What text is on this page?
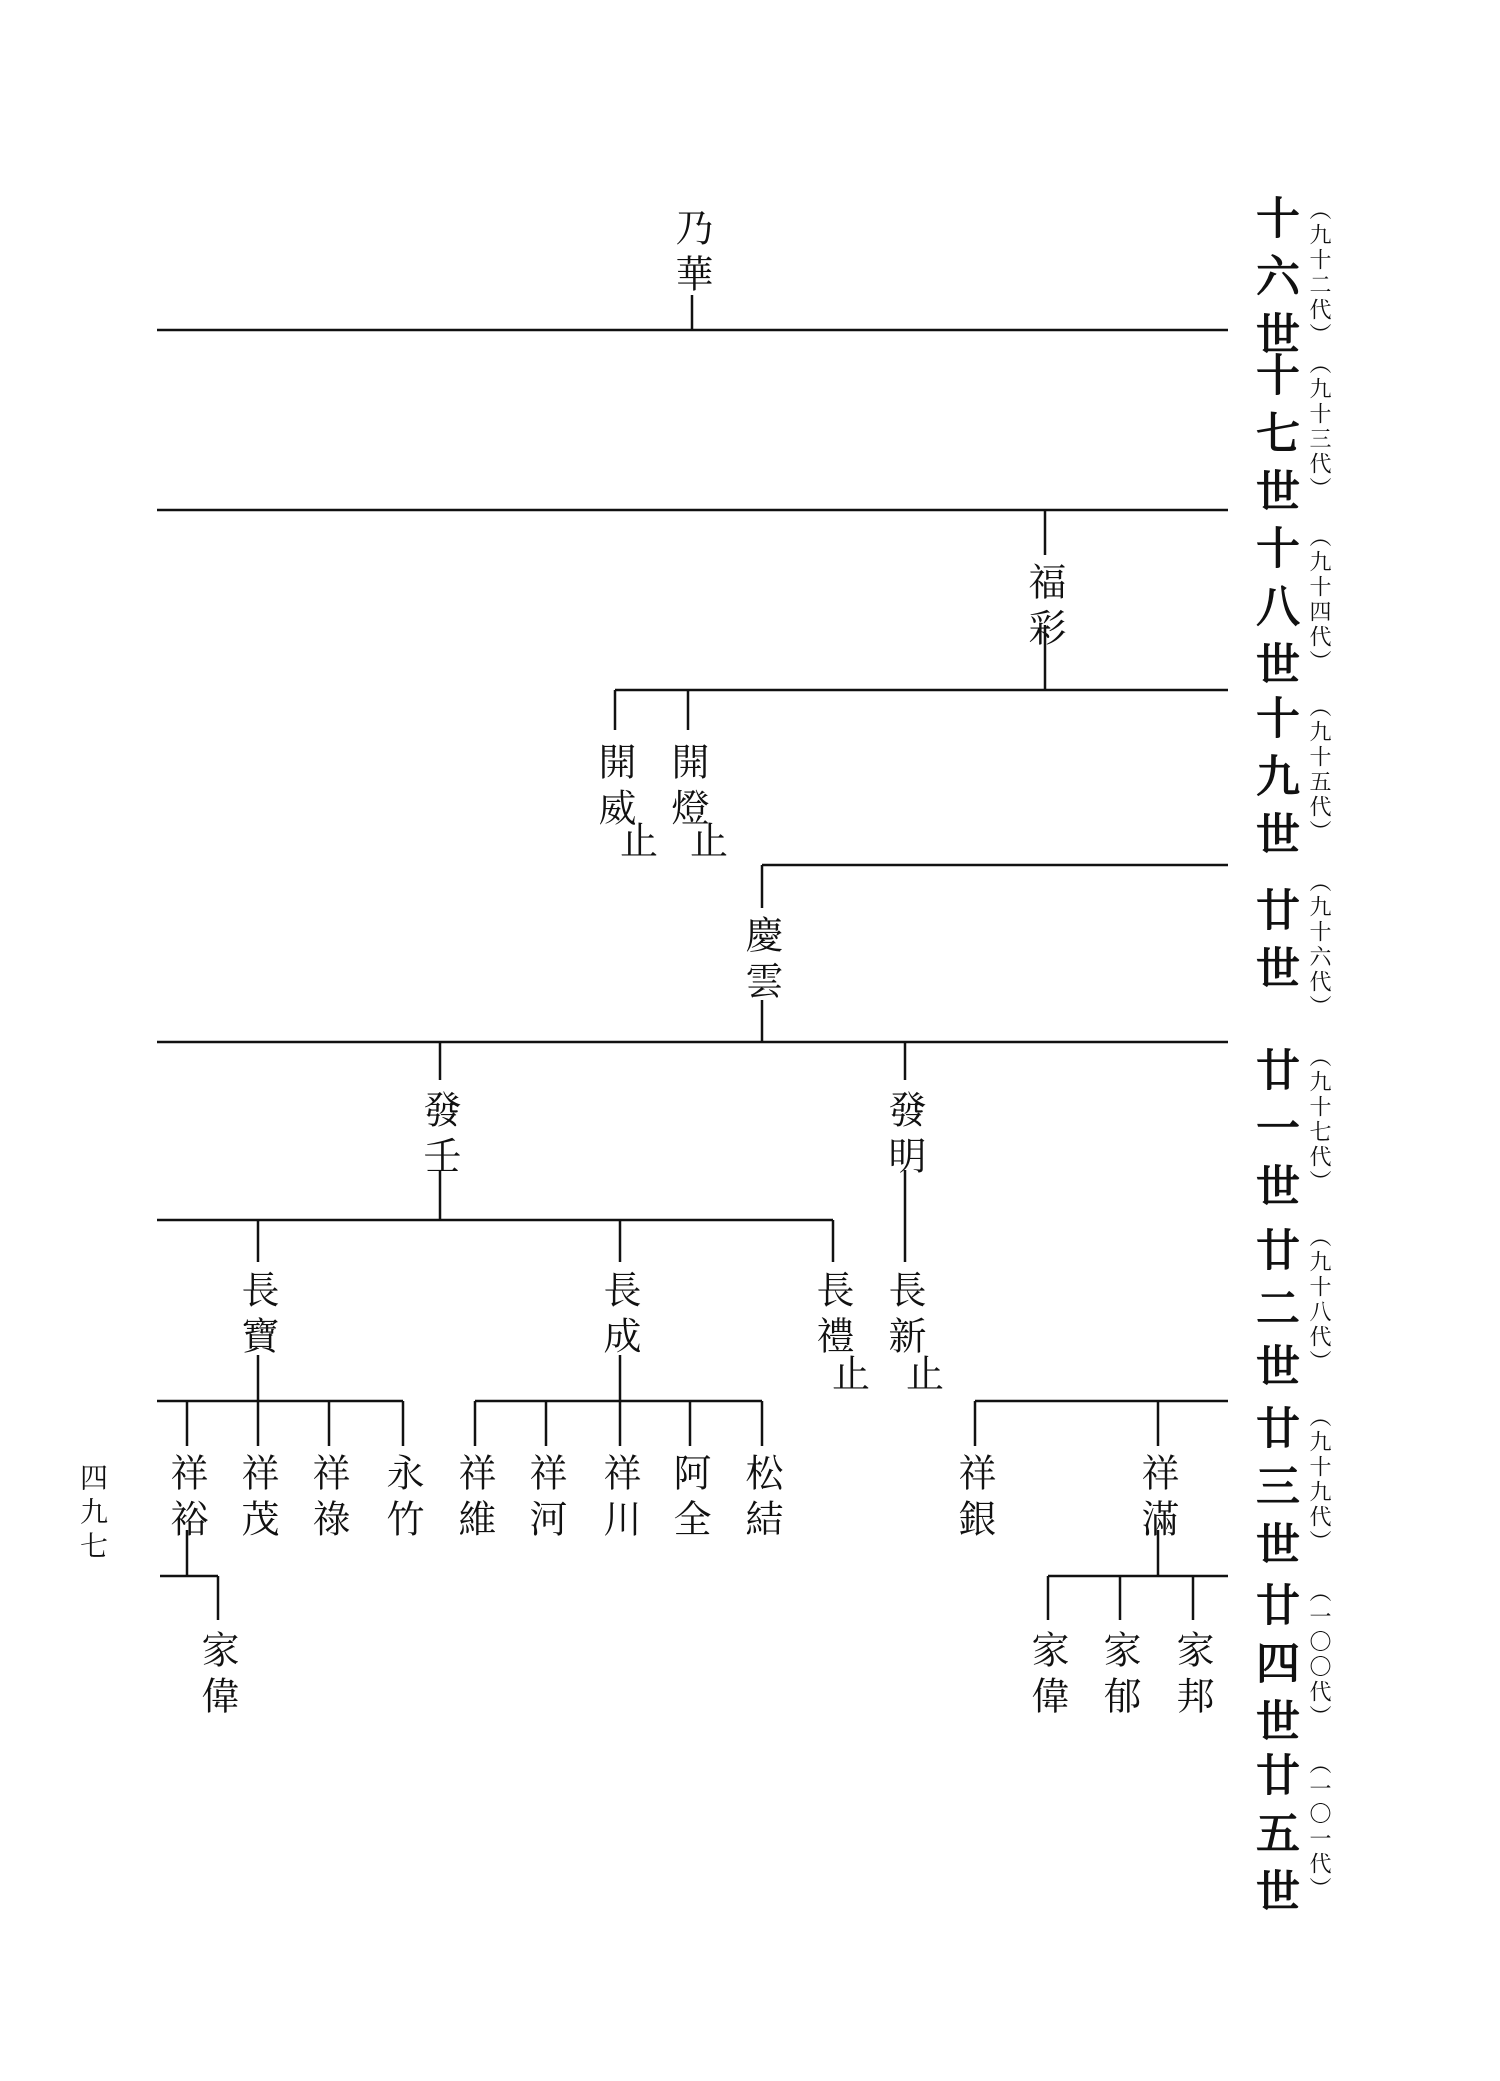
十六世 （九十二代）
十七世 （九十三代）
十八世 （九十四代）
十九世 （九十五代）
廿世 （九十六代）
廿一世 （九十七代）
廿二世 （九十八代）
廿三世 （九十九代）
廿四世 （一〇〇代）
廿五世 （一〇一代）
乃華
福彩
開威
止
開燈
止
慶雲
發壬	發明
長寶	長成	長禮
止
長新
止
祥裕 祥茂 祥祿 永竹 祥維 祥河 祥川 阿全 松結	祥銀	祥滿
家偉	家偉 家郁 家邦
四九七
